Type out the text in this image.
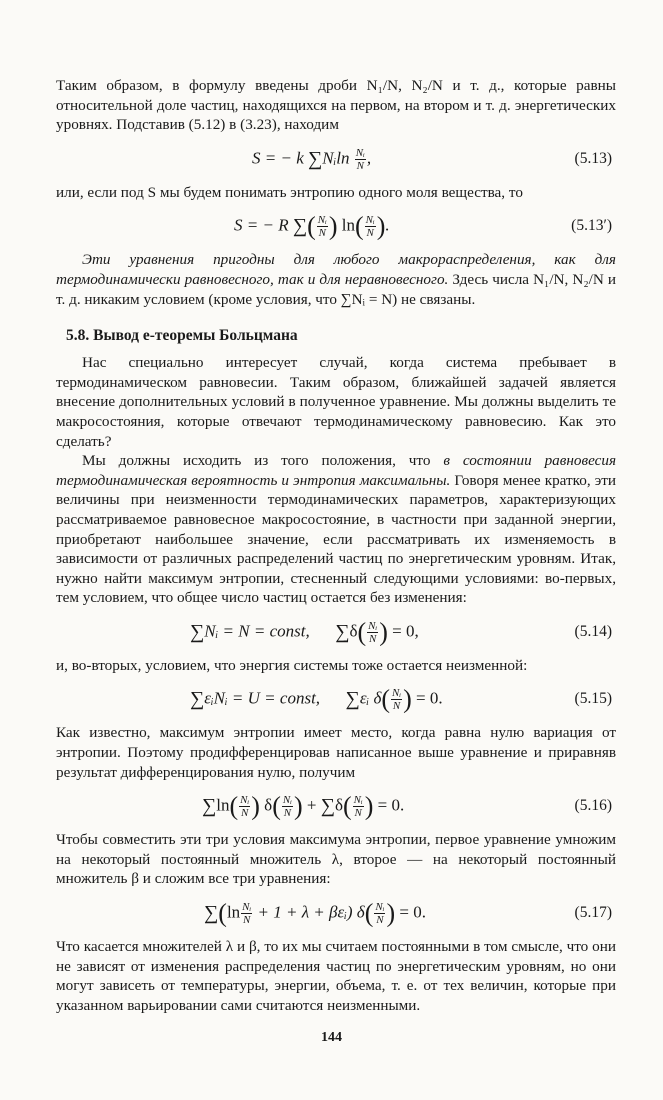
Таким образом, в формулу введены дроби N₁/N, N₂/N и т. д., которые равны относительной доле частиц, находящихся на первом, на втором и т. д. энергетических уровнях. Подставив (5.12) в (3.23), находим

S = − k ∑Nᵢln $\frac{\text{Nᵢ}}{N}$ ,	(5.13)

или, если под S мы будем понимать энтропию одного моля вещества, то

S = − R ∑( $\frac{\text{Nᵢ}}{N}$ ) $\ln( \frac{\text{Nᵢ}}{N}$ ).	(5.13′)

Эти уравнения пригодны для любого макрораспределения, как для термодинамически равновесного, так и для неравновесного. Здесь числа N₁/N, N₂/N и т. д. никаким условием (кроме условия, что ∑Nᵢ = N) не связаны.

5.8. Вывод e-теоремы Больцмана

Нас специально интересует случай, когда система пребывает в термодинамическом равновесии. Таким образом, ближайшей задачей является внесение дополнительных условий в полученное уравнение. Мы должны выделить те макросостояния, которые отвечают термодинамическому равновесию. Как это сделать?

Мы должны исходить из того положения, что в состоянии равновесия термодинамическая вероятность и энтропия максимальны. Говоря менее кратко, эти величины при неизменности термодинамических параметров, характеризующих рассматриваемое равновесное макросостояние, в частности при заданной энергии, приобретают наибольшее значение, если рассматривать их изменяемость в зависимости от различных распределений частиц по энергетическим уровням. Итак, нужно найти максимум энтропии, стесненный следующими условиями: во-первых, тем условием, что общее число частиц остается без изменения:

∑Nᵢ = N = const, $\sum\delta( \frac{\text{Nᵢ}}{N}$ ) = 0,	(5.14)

и, во-вторых, условием, что энергия системы тоже остается неизменной:

∑εᵢNᵢ = U = const, ∑εᵢ $\delta( \frac{\text{Nᵢ}}{N}$ ) = 0.	(5.15)

Как известно, максимум энтропии имеет место, когда равна нулю вариация от энтропии. Поэтому продифференцировав написанное выше уравнение и приравняв результат дифференцирования нулю, получим

$\sum\ln( \frac{\text{Nᵢ}}{N}$ ) $\delta( \frac{\text{Nᵢ}}{N}$ ) + $\sum\delta( \frac{\text{Nᵢ}}{N}$ ) = 0.	(5.16)

Чтобы совместить эти три условия максимума энтропии, первое уравнение умножим на некоторый постоянный множитель λ, второе — на некоторый постоянный множитель β и сложим все три уравнения:

$\sum(\ln \frac{\text{Nᵢ}}{N} + 1 + \lambda$ + βεᵢ) $\delta( \frac{\text{Nᵢ}}{N}$ ) = 0.	(5.17)

Что касается множителей λ и β, то их мы считаем постоянными в том смысле, что они не зависят от изменения распределения частиц по энергетическим уровням, но они могут зависеть от температуры, энергии, объема, т. е. от тех величин, которые при указанном варьировании сами считаются неизменными.

144
